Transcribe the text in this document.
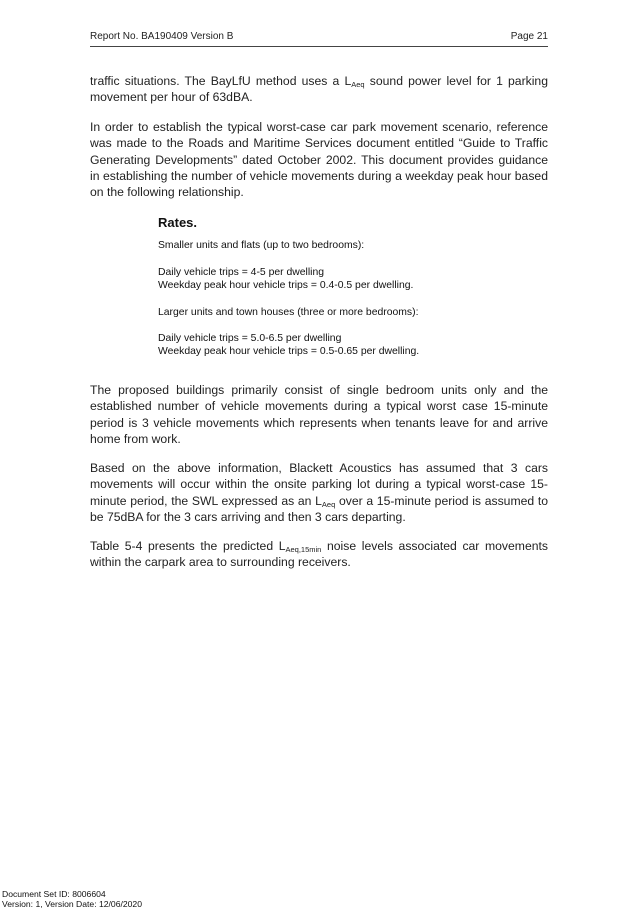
Report No. BA190409 Version B	Page 21

traffic situations. The BayLfU method uses a $L_{Aeq}$ sound power level for 1 parking movement per hour of 63dBA.

In order to establish the typical worst-case car park movement scenario, reference was made to the Roads and Maritime Services document entitled “Guide to Traffic Generating Developments” dated October 2002. This document provides guidance in establishing the number of vehicle movements during a weekday peak hour based on the following relationship.

Rates.
Smaller units and flats (up to two bedrooms):
Daily vehicle trips = 4-5 per dwelling
Weekday peak hour vehicle trips = 0.4-0.5 per dwelling.
Larger units and town houses (three or more bedrooms):
Daily vehicle trips = 5.0-6.5 per dwelling
Weekday peak hour vehicle trips = 0.5-0.65 per dwelling.

The proposed buildings primarily consist of single bedroom units only and the established number of vehicle movements during a typical worst case 15-minute period is 3 vehicle movements which represents when tenants leave for and arrive home from work.

Based on the above information, Blackett Acoustics has assumed that 3 cars movements will occur within the onsite parking lot during a typical worst-case 15-minute period, the SWL expressed as an $L_{Aeq}$ over a 15-minute period is assumed to be 75dBA for the 3 cars arriving and then 3 cars departing.

Table 5-4 presents the predicted $L_{Aeq,15min}$ noise levels associated car movements within the carpark area to surrounding receivers.

Document Set ID: 8006604
Version: 1, Version Date: 12/06/2020
